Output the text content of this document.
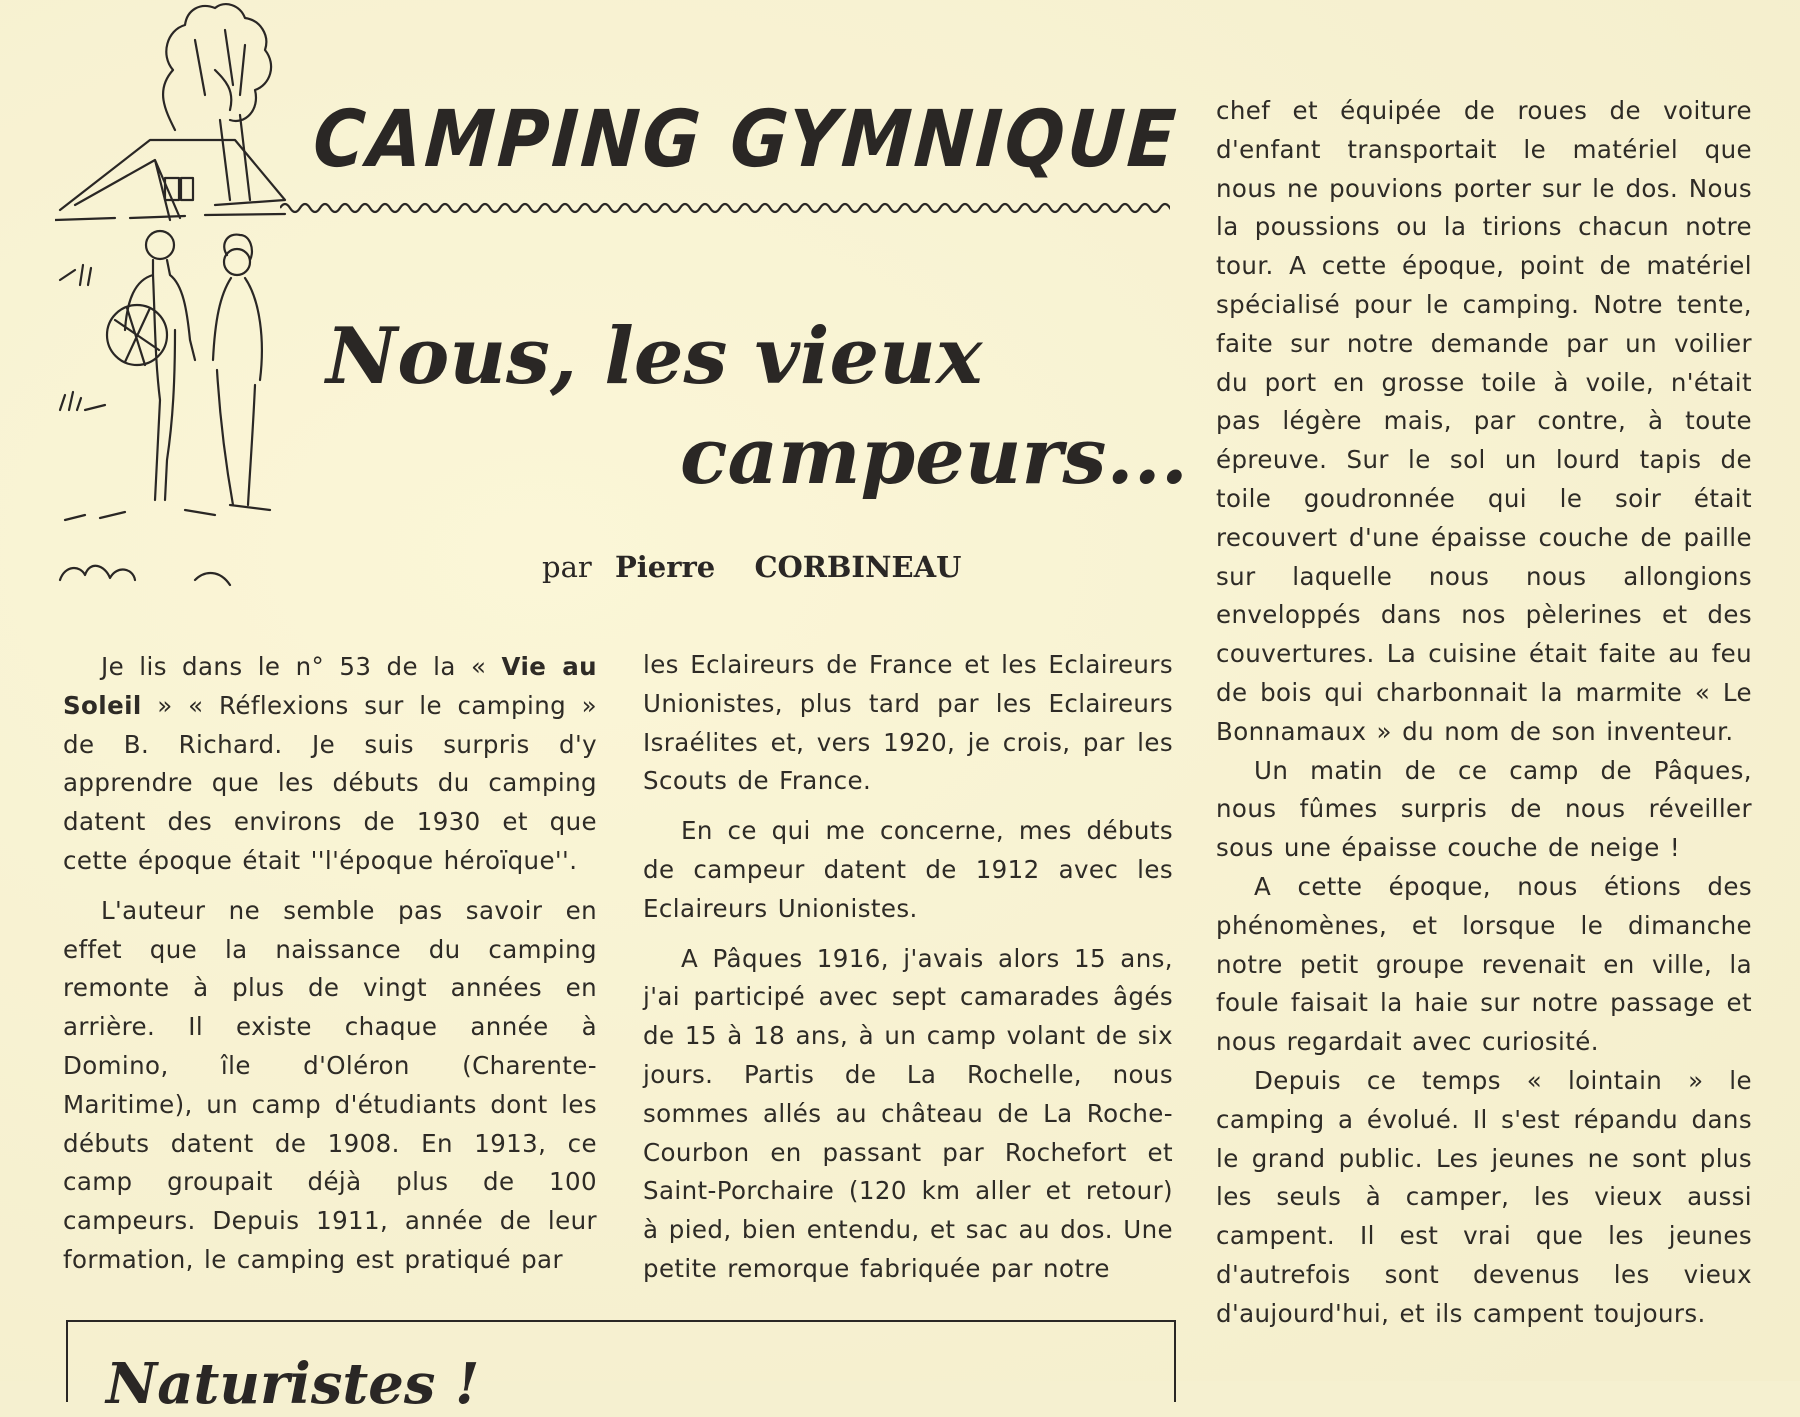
CAMPING GYMNIQUE
Nous, les vieux
campeurs...
par Pierre CORBINEAU

Je lis dans le n° 53 de la « Vie au Soleil » « Réflexions sur le camping » de B. Richard. Je suis surpris d'y apprendre que les débuts du camping datent des environs de 1930 et que cette époque était ''l'époque héroïque''.

L'auteur ne semble pas savoir en effet que la naissance du camping remonte à plus de vingt années en arrière. Il existe chaque année à Domino, île d'Oléron (Charente-Maritime), un camp d'étudiants dont les débuts datent de 1908. En 1913, ce camp groupait déjà plus de 100 campeurs. Depuis 1911, année de leur formation, le camping est pratiqué par

les Eclaireurs de France et les Eclaireurs Unionistes, plus tard par les Eclaireurs Israélites et, vers 1920, je crois, par les Scouts de France.

En ce qui me concerne, mes débuts de campeur datent de 1912 avec les Eclaireurs Unionistes.

A Pâques 1916, j'avais alors 15 ans, j'ai participé avec sept camarades âgés de 15 à 18 ans, à un camp volant de six jours. Partis de La Rochelle, nous sommes allés au château de La Roche-Courbon en passant par Rochefort et Saint-Porchaire (120 km aller et retour) à pied, bien entendu, et sac au dos. Une petite remorque fabriquée par notre

chef et équipée de roues de voiture d'enfant transportait le matériel que nous ne pouvions porter sur le dos. Nous la poussions ou la tirions chacun notre tour. A cette époque, point de matériel spécialisé pour le camping. Notre tente, faite sur notre demande par un voilier du port en grosse toile à voile, n'était pas légère mais, par contre, à toute épreuve. Sur le sol un lourd tapis de toile goudronnée qui le soir était recouvert d'une épaisse couche de paille sur laquelle nous nous allongions enveloppés dans nos pèlerines et des couvertures. La cuisine était faite au feu de bois qui charbonnait la marmite « Le Bonnamaux » du nom de son inventeur.

Un matin de ce camp de Pâques, nous fûmes surpris de nous réveiller sous une épaisse couche de neige !

A cette époque, nous étions des phénomènes, et lorsque le dimanche notre petit groupe revenait en ville, la foule faisait la haie sur notre passage et nous regardait avec curiosité.

Depuis ce temps « lointain » le camping a évolué. Il s'est répandu dans le grand public. Les jeunes ne sont plus les seuls à camper, les vieux aussi campent. Il est vrai que les jeunes d'autrefois sont devenus les vieux d'aujourd'hui, et ils campent toujours.

Naturistes !
